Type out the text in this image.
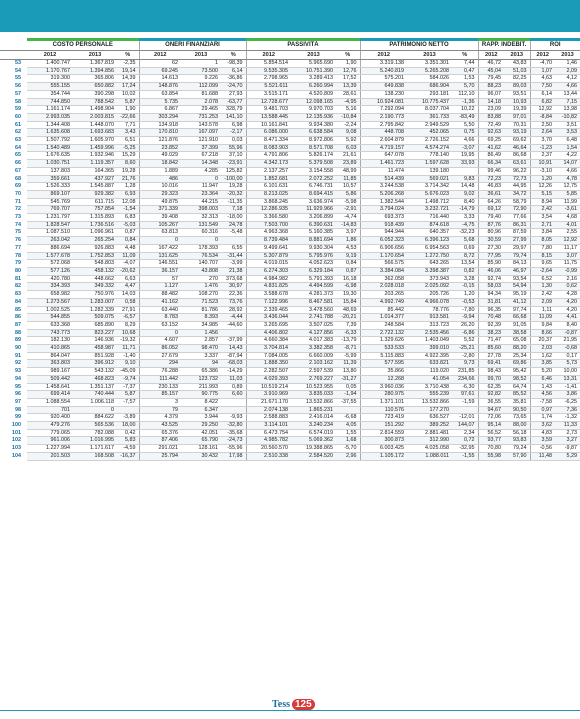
	COSTO PERSONALE			ONERI FINANZIARI			PASSIVITÀ			PATRIMONIO NETTO			RAPP. INDEBIT.		ROI	
	2012	2013	%	2012	2013	%	2012	2013	%	2012	2013	%	2012	2013	2012	2013
53	1.400.747	1.367.819	-2,35	62	1	-98,39	5.854.514	5.965.690	1,90	3.319.138	3.351.301	7,44	46,72	43,83	-4,70	1,46
54	1.170.767	1.394.856	19,14	69.245	73.500	6,14	9.535.305	10.751.390	12,76	5.240.819	5.265.208	0,47	45,04	51,03	1,07	2,09
55	319.300	365.806	14,39	14.613	9.226	-36,86	2.798.965	3.289.413	17,52	575.201	584.026	1,53	79,45	82,25	4,63	4,12
56	555.155	650.882	17,24	148.876	112.099	-24,70	5.521.611	6.260.994	13,39	649.838	686.904	5,70	88,23	89,03	7,50	4,66
57	354.744	390.298	10,02	63.854	81.688	27,93	3.515.171	4.520.809	28,61	138.230	293.181	112,10	96,07	93,51	6,14	13,44
58	744.850	788.542	5,87	5.735	2.078	-63,77	12.728.677	12.098.165	-4,95	10.924.081	10.775.437	-1,36	14,18	10,93	6,82	7,15
59	1.161.174	1.498.904	1,90	6.867	29.465	328,79	9.481.703	9.970.703	5,16	7.292.094	8.037.704	10,22	23,09	19,39	12,92	13,98
60	2.993.035	2.003.815	-22,66	303.294	731.253	141,10	13.588.445	12.135.936	-10,84	2.190.773	361.733	-83,49	83,88	97,01	-8,84	-10,82
61	1.344.408	1.448.070	7,71	134.918	143.578	6,98	10.161.841	9.934.380	-2,24	2.795.842	2.949.529	5,50	72,49	70,31	2,50	3,51
62	1.635.608	1.693.683	3,43	170.810	167.097	-2,17	6.086.000	6.638.584	9,08	448.708	452.065	0,75	92,63	93,19	2,64	3,53
63	1.507.792	1.605.970	6,51	121.876	121.910	0,03	8.471.334	8.972.806	5,92	2.604.879	2.726.152	4,66	69,25	69,62	3,70	6,48
64	1.540.489	1.459.996	-5,25	23.852	37.399	55,96	8.083.903	8.571.708	6,03	4.719.157	4.574.274	-3,07	41,62	46,64	-1,23	1,54
65	1.676.635	1.932.946	15,29	49.029	67.218	37,10	4.791.806	5.826.174	21,61	647.078	778.140	19,95	86,49	86,68	2,37	4,22
66	1.030.751	1.119.357	8,60	18.842	14.348	-23,91	4.342.173	5.379.508	23,89	1.461.723	1.597.628	33,93	66,34	63,61	10,91	14,07
67	137.803	164.365	19,28	1.889	4.285	125,82	2.137.257	3.154.558	48,99	11.474	139.180		99,46	96,22	-3,10	4,66
68	359.661	437.927	21,76	486	0	-100,00	1.852.681	2.072.252	11,85	514.439	569.021	9,83	72,23	72,73	1,20	4,78
69	1.526.333	1.545.887	1,28	10.016	11.947	19,28	6.101.631	6.746.731	10,57	3.244.538	3.714.342	14,48	46,83	44,95	12,26	12,75
70	869.107	929.382	6,93	29.323	23.364	-20,32	8.213.025	8.694.415	5,86	5.206.268	5.676.023	9,02	36,61	34,72	5,15	5,85
71	545.769	611.715	12,08	49.875	44.215	-11,35	3.868.245	3.636.974	-5,98	1.382.544	1.498.712	8,40	64,26	58,79	8,94	11,99
72	769.707	757.854	-1,54	371.339	398.003	7,18	12.286.935	11.929.966	-2,91	3.794.024	3.232.721	-14,79	69,12	72,90	2,42	-3,61
73	1.231.797	1.315.893	6,83	39.408	32.313	-18,00	3.366.580	3.206.899	-4,74	693.373	716.440	3,33	79,40	77,66	3,54	4,68
74	1.828.547	1.736.516	-5,03	105.267	131.549	24,78	7.503.700	6.390.631	-14,83	918.439	874.618	-4,75	87,76	86,31	2,71	4,01
75	1.087.510	1.096.961	0,87	63.813	60.316	-5,48	4.963.368	5.160.385	3,97	944.944	640.357	-32,23	80,96	87,59	3,84	2,55
76	263.042	265.254	0,84	0	0		8.739.484	8.881.694	1,86	6.052.323	6.396.123	5,68	30,59	27,99	8,05	12,92
77	886.694	926.883	4,48	167.422	178.393	6,55	9.499.641	9.930.304	4,53	6.906.656	6.954.563	0,69	27,30	29,97	7,80	11,17
78	1.577.678	1.752.853	11,09	131.625	76.534	-31,44	5.307.879	5.795.976	9,19	1.170.654	1.272.750	8,72	77,95	79,74	8,15	3,07
79	572.068	548.803	-4,07	146.551	140.707	-3,99	4.019.015	4.052.623	0,84	566.575	643.265	13,54	85,90	84,13	9,65	11,75
80	577.126	458.132	-20,62	36.157	43.808	21,38	6.274.303	6.329.184	0,87	3.384.084	3.398.387	0,82	46,06	46,97	-2,64	-0,99
81	420.780	448.662	6,63	57	270	373,68	4.984.982	5.791.393	16,18	362.058	373.943	3,28	92,74	93,54	6,52	2,16
82	334.393	349.332	4,47	1.127	1.476	30,97	4.831.825	4.494.599	-6,98	2.028.018	2.025.092	-0,15	58,03	54,94	1,30	0,62
83	658.982	750.976	14,03	88.482	108.270	22,36	3.588.678	4.281.373	19,30	203.265	205.726	1,20	94,34	95,19	2,42	4,28
84	1.273.567	1.283.007	0,58	41.162	71.523	73,76	7.122.996	8.467.581	15,84	4.992.749	4.966.078	-0,53	31,81	41,12	2,09	4,20
85	1.002.525	1.282.339	27,91	63.440	81.786	28,92	2.339.465	3.478.560	48,69	85.442	78.776	-7,80	96,35	97,74	1,11	4,20
86	544.855	509.075	-6,57	8.783	8.393	-4,44	3.436.044	2.741.788	-20,21	1.014.377	913.581	-9,94	70,48	66,68	11,09	4,41
87	633.368	685.890	8,29	63.152	34.985	-44,60	3.265.695	3.507.025	7,39	248.584	313.723	26,20	92,39	91,05	9,84	8,40
88	743.773	823.227	10,68	0	1.456		4.406.802	4.127.856	-6,33	2.722.132	2.535.456	-6,86	38,23	38,58	8,66	-0,87
89	182.130	146.936	-19,32	4.607	2.857	-37,99	4.660.384	4.017.383	-13,79	1.329.626	1.403.049	5,52	71,47	65,08	20,37	21,95
90	410.865	458.987	11,71	86.052	98.470	14,43	3.704.814	3.382.358	-8,71	533.533	399.010	-25,21	85,60	88,20	2,03	-0,68
91	864.047	851.928	-1,40	27.679	3.337	-87,94	7.084.005	6.660.009	-5,99	5.115.883	4.922.395	-2,80	27,78	25,34	1,62	0,17
92	363.803	396.912	9,10	294	94	-68,03	1.888.350	2.103.162	11,39	577.595	633.821	9,73	69,41	69,86	3,85	5,73
93	989.167	543.132	-45,09	76.288	65.386	-14,29	2.282.507	2.597.539	13,80	35.866	119.020	231,85	98,43	95,42	5,20	10,00
94	509.442	468.823	-9,74	111.442	123.732	11,03	4.029.393	2.769.227	-31,27	12.268	41.054	234,66	99,70	98,52	6,46	13,31
95	1.458.641	1.351.137	-7,37	230.133	211.993	0,89	10.519.214	10.523.955	0,05	3.960.036	3.710.438	-6,30	62,35	64,74	1,43	-1,41
96	699.414	740.444	5,87	85.157	90.775	6,60	3.910.969	3.835.033	-1,94	280.975	555.239	97,61	92,82	85,52	4,56	3,86
97	1.088.554	1.006.118	-7,57	3	8.422		21.671.170	13.532.866	-37,55	1.371.101	13.532.866	-1,59	36,55	35,81	-7,58	-6,25
98	701	0		79	6.347		2.074.138	1.865.231		110.576	177.270		94,67	90,50	0,97	7,36
99	920.400	884.622	-3,89	4.379	3.944	-9,93	2.588.883	2.416.014	-6,68	723.419	636.527	-12,01	72,06	73,65	1,74	-1,32
100	479.276	565.536	18,00	43.525	29.250	-32,80	3.114.101	3.240.234	4,05	151.292	389.252	144,07	95,14	88,00	3,62	11,33
101	779.065	782.088	0,42	65.376	42.051	-35,68	6.473.754	6.574.019	1,55	2.814.559	2.881.481	2,34	56,52	56,18	4,83	2,73
102	961.006	1.016.995	5,83	87.406	65.790	-24,73	4.985.782	5.069.362	1,68	300.873	312.990	0,72	93,77	93,83	3,59	3,27
103	1.227.994	1.171.617	-4,59	291.021	128.161	-55,96	20.560.570	19.388.865	-5,70	6.003.425	4.025.058	-32,95	70,80	79,24	-0,56	-9,87
104	201.503	168.508	-16,37	25.794	30.432	17,98	2.510.338	2.584.520	2,96	1.105.172	1.088.011	-1,55	55,98	57,90	11,48	5,29
Tess 125
